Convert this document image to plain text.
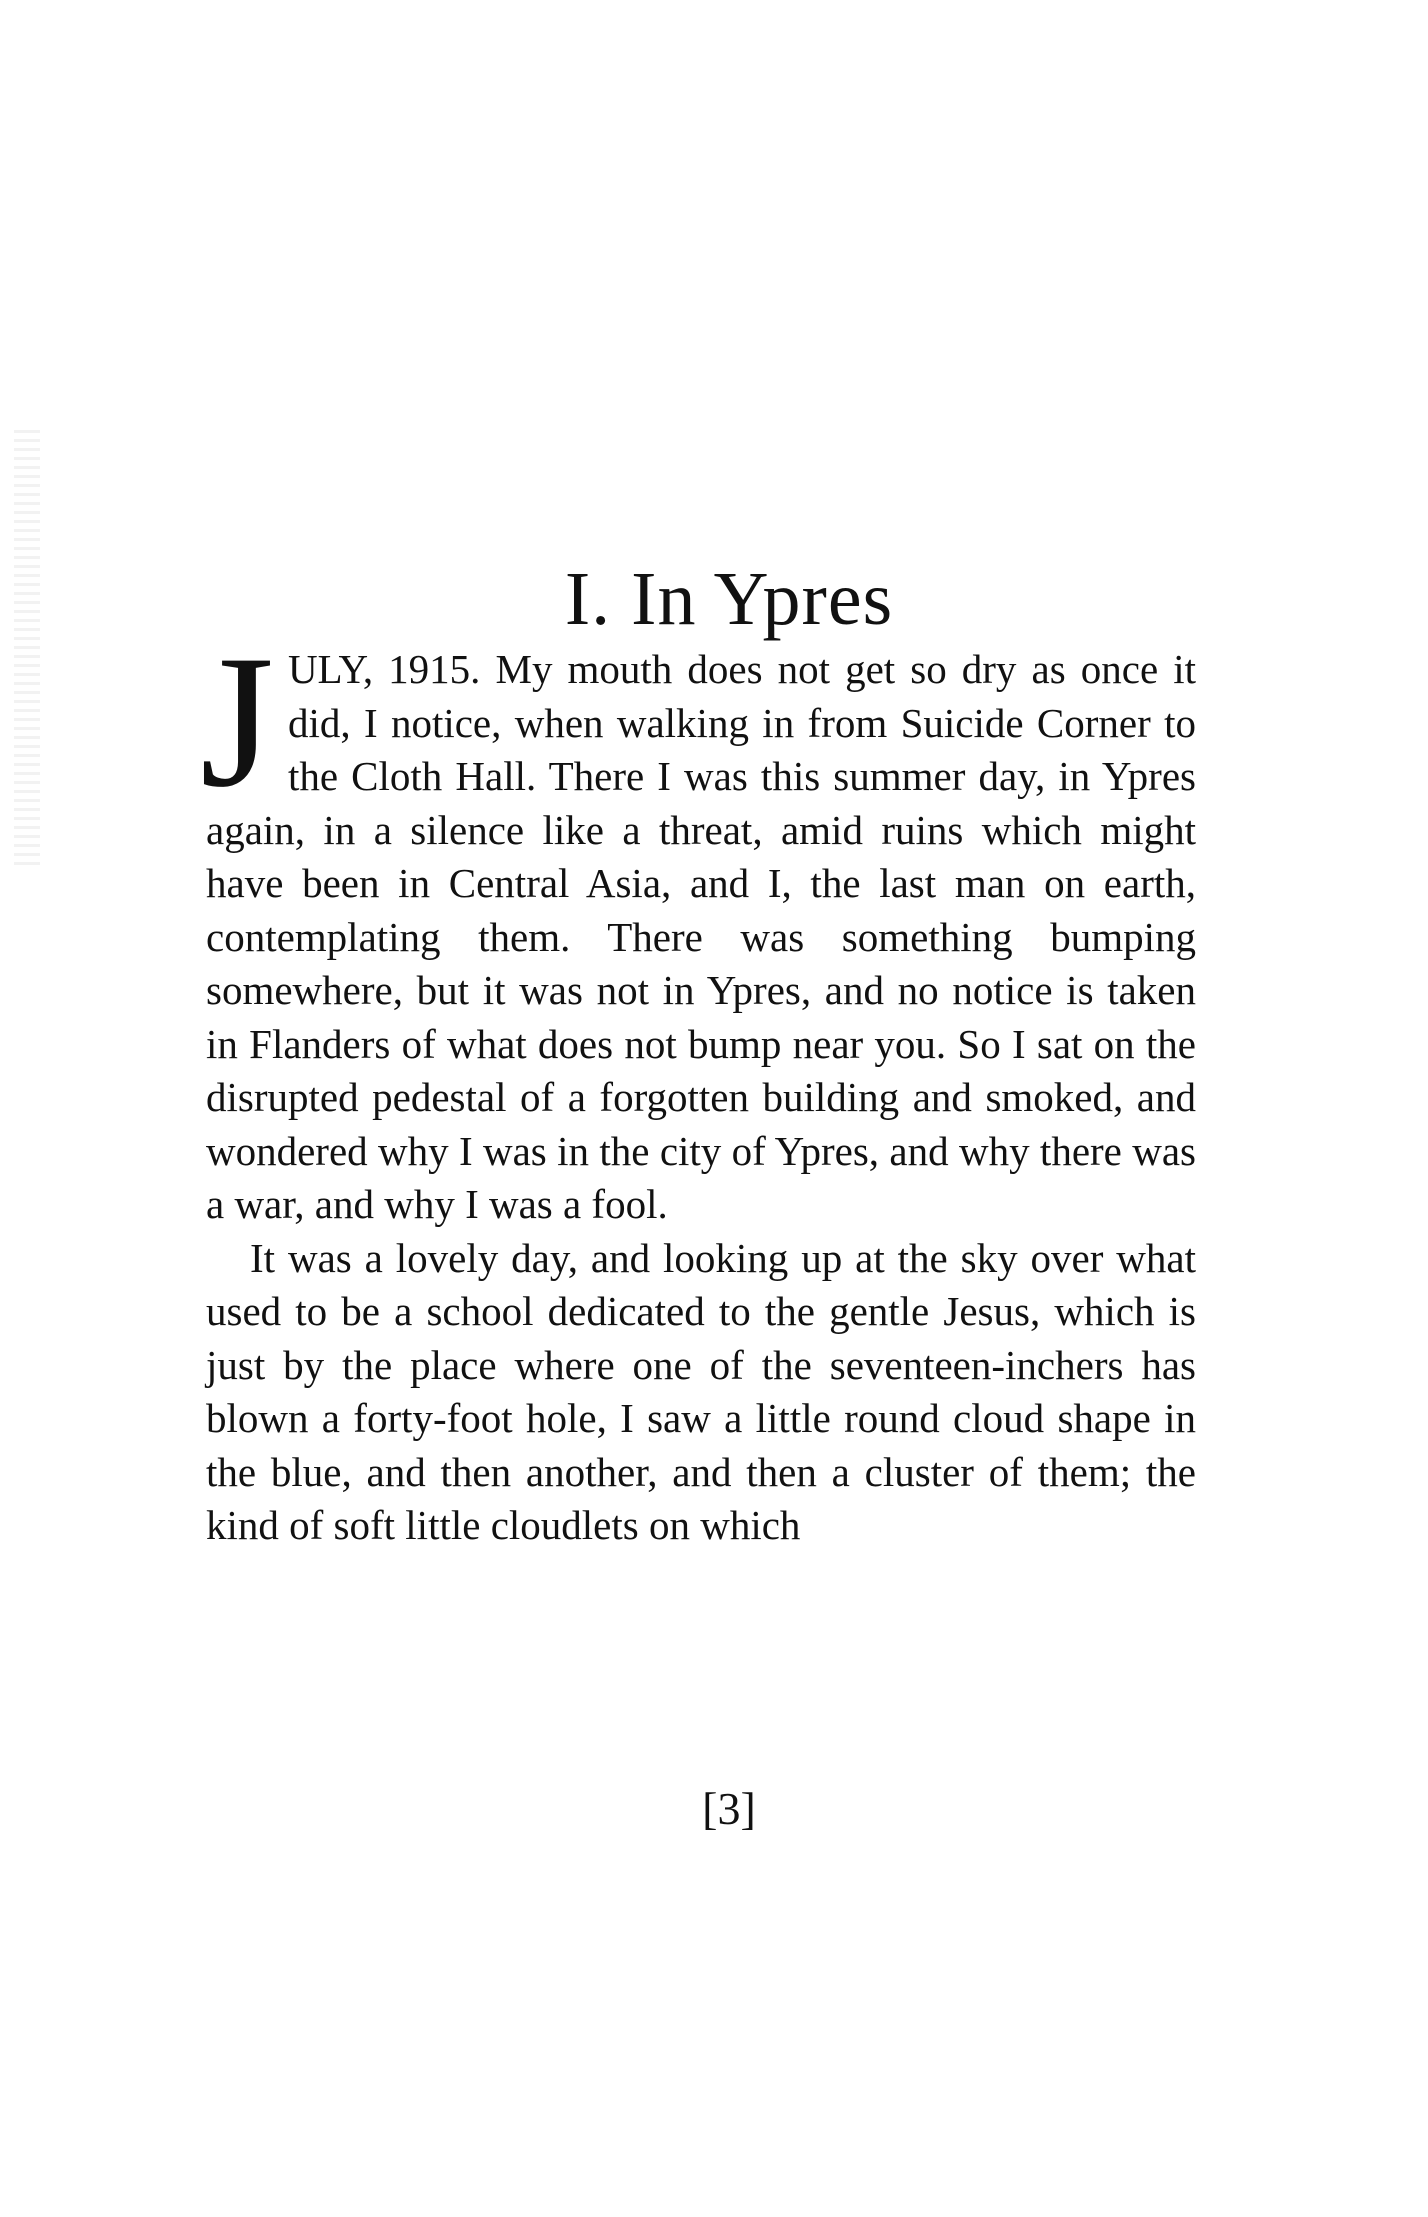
I. In Ypres

JULY, 1915. My mouth does not get so dry as once it did, I notice, when walking in from Suicide Corner to the Cloth Hall. There I was this summer day, in Ypres again, in a silence like a threat, amid ruins which might have been in Central Asia, and I, the last man on earth, contemplating them. There was something bumping somewhere, but it was not in Ypres, and no notice is taken in Flanders of what does not bump near you. So I sat on the disrupted pedestal of a forgotten building and smoked, and wondered why I was in the city of Ypres, and why there was a war, and why I was a fool.

It was a lovely day, and looking up at the sky over what used to be a school dedicated to the gentle Jesus, which is just by the place where one of the seventeen-inchers has blown a forty-foot hole, I saw a little round cloud shape in the blue, and then another, and then a cluster of them; the kind of soft little cloudlets on which

[3]
